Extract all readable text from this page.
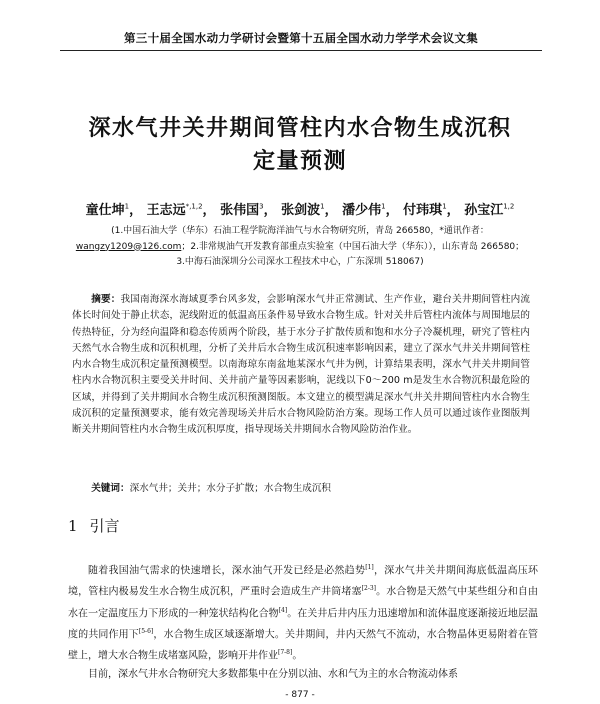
第三十届全国水动力学研讨会暨第十五届全国水动力学学术会议文集
深水气井关井期间管柱内水合物生成沉积
定量预测
童仕坤$^1$， 王志远$^{*,1,2}$， 张伟国$^3$， 张剑波$^1$， 潘少伟$^1$， 付玮琪$^1$， 孙宝江$^{1,2}$
(1.中国石油大学（华东）石油工程学院海洋油气与水合物研究所，青岛 266580，*通讯作者：
wangzy1209@126.com；2.非常规油气开发教育部重点实验室（中国石油大学（华东）），山东青岛 266580；
3.中海石油深圳分公司深水工程技术中心，广东深圳 518067)
摘要：我国南海深水海域夏季台风多发，会影响深水气井正常测试、生产作业，避台关井期间管柱内流体长时间处于静止状态，泥线附近的低温高压条件易导致水合物生成。针对关井后管柱内流体与周围地层的传热特征，分为经向温降和稳态传质两个阶段，基于水分子扩散传质和饱和水分子冷凝机理，研究了管柱内天然气水合物生成和沉积机理，分析了关井后水合物生成沉积速率影响因素，建立了深水气井关井期间管柱内水合物生成沉积定量预测模型。以南海琼东南盆地某深水气井为例，计算结果表明，深水气井关井期间管柱内水合物沉积主要受关井时间、关井前产量等因素影响，泥线以下0～200 m是发生水合物沉积最危险的区域，并得到了关井期间水合物生成沉积预测图版。本文建立的模型满足深水气井关井期间管柱内水合物生成沉积的定量预测要求，能有效完善现场关井后水合物风险防治方案。现场工作人员可以通过该作业图版判断关井期间管柱内水合物生成沉积厚度，指导现场关井期间水合物风险防治作业。
关键词：深水气井；关井；水分子扩散；水合物生成沉积
1 引言

随着我国油气需求的快速增长，深水油气开发已经是必然趋势[1]，深水气井关井期间海底低温高压环境，管柱内极易发生水合物生成沉积，严重时会造成生产井筒堵塞[2-3]。水合物是天然气中某些组分和自由水在一定温度压力下形成的一种笼状结构化合物[4]。在关井后井内压力迅速增加和流体温度逐渐接近地层温度的共同作用下[5-6]，水合物生成区域逐渐增大。关井期间，井内天然气不流动，水合物晶体更易附着在管壁上，增大水合物生成堵塞风险，影响开井作业[7-8]。

目前，深水气井水合物研究大多数都集中在分别以油、水和气为主的水合物流动体系

- 877 -
